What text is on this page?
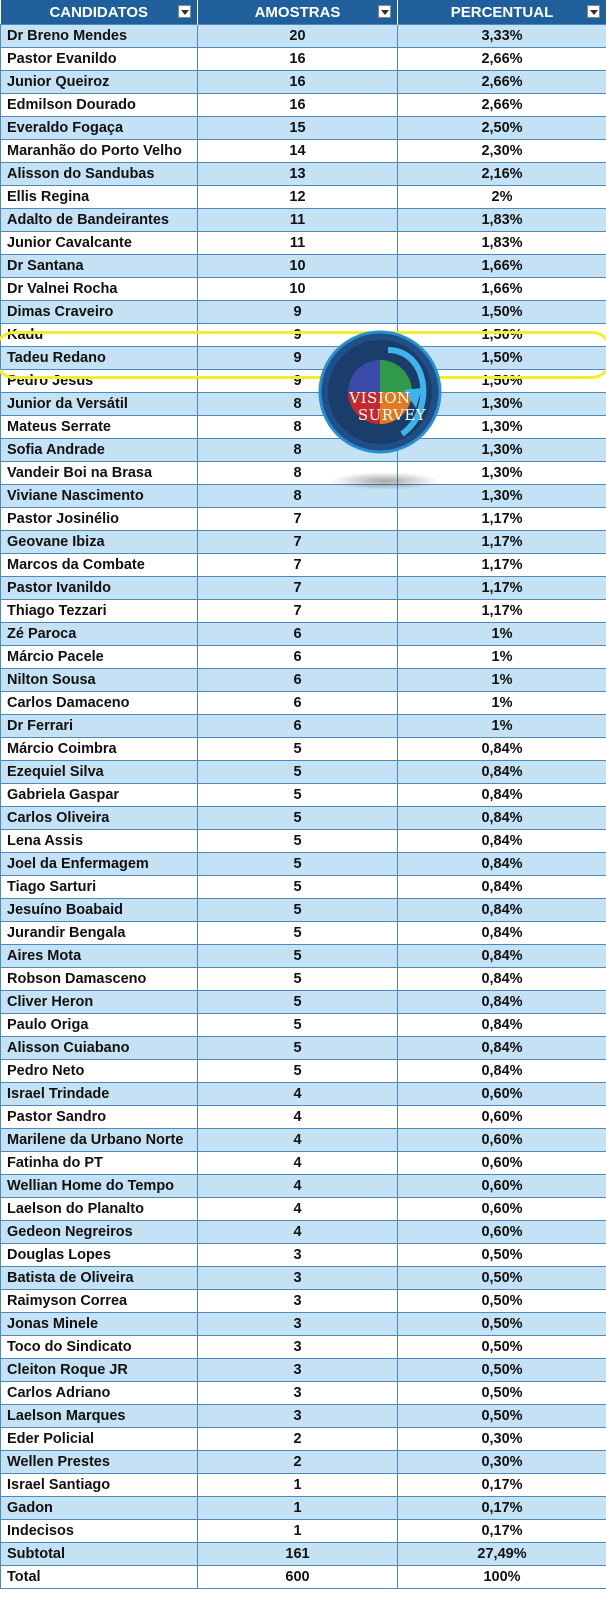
CANDIDATOS	AMOSTRAS	PERCENTUAL

Dr Breno Mendes	20	3,33%
Pastor Evanildo	16	2,66%
Junior Queiroz	16	2,66%
Edmilson Dourado	16	2,66%
Everaldo Fogaça	15	2,50%
Maranhão do Porto Velho	14	2,30%
Alisson do Sandubas	13	2,16%
Ellis Regina	12	2%
Adalto de Bandeirantes	11	1,83%
Junior Cavalcante	11	1,83%
Dr Santana	10	1,66%
Dr Valnei Rocha	10	1,66%
Dimas Craveiro	9	1,50%
Kadu	9	1,50%
Tadeu Redano	9	1,50%
Pedro Jesus	9	1,50%
Junior da Versátil	8	1,30%
Mateus Serrate	8	1,30%
Sofia Andrade	8	1,30%
Vandeir Boi na Brasa	8	1,30%
Viviane Nascimento	8	1,30%
Pastor Josinélio	7	1,17%
Geovane Ibiza	7	1,17%
Marcos da Combate	7	1,17%
Pastor Ivanildo	7	1,17%
Thiago Tezzari	7	1,17%
Zé Paroca	6	1%
Márcio Pacele	6	1%
Nilton Sousa	6	1%
Carlos Damaceno	6	1%
Dr Ferrari	6	1%
Márcio Coimbra	5	0,84%
Ezequiel Silva	5	0,84%
Gabriela Gaspar	5	0,84%
Carlos Oliveira	5	0,84%
Lena Assis	5	0,84%
Joel da Enfermagem	5	0,84%
Tiago Sarturi	5	0,84%
Jesuíno Boabaid	5	0,84%
Jurandir Bengala	5	0,84%
Aires Mota	5	0,84%
Robson Damasceno	5	0,84%
Cliver Heron	5	0,84%
Paulo Origa	5	0,84%
Alisson Cuiabano	5	0,84%
Pedro Neto	5	0,84%
Israel Trindade	4	0,60%
Pastor Sandro	4	0,60%
Marilene da Urbano Norte	4	0,60%
Fatinha do PT	4	0,60%
Wellian Home do Tempo	4	0,60%
Laelson do Planalto	4	0,60%
Gedeon Negreiros	4	0,60%
Douglas Lopes	3	0,50%
Batista de Oliveira	3	0,50%
Raimyson Correa	3	0,50%
Jonas Minele	3	0,50%
Toco do Sindicato	3	0,50%
Cleiton Roque JR	3	0,50%
Carlos Adriano	3	0,50%
Laelson Marques	3	0,50%
Eder Policial	2	0,30%
Wellen Prestes	2	0,30%
Israel Santiago	1	0,17%
Gadon	1	0,17%
Indecisos	1	0,17%
Subtotal	161	27,49%
Total	600	100%
VISION
SURVEY
